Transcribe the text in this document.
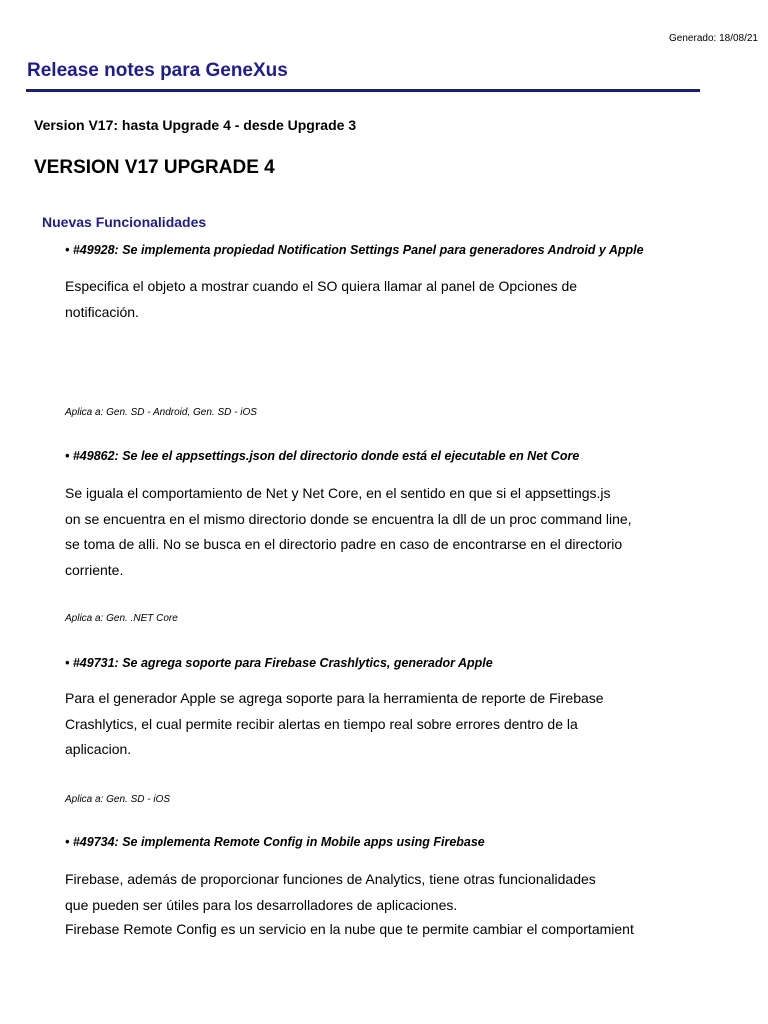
Generado: 18/08/21
Release notes para GeneXus
Version V17: hasta Upgrade 4 - desde Upgrade 3
VERSION V17 UPGRADE 4
Nuevas Funcionalidades
• #49928: Se implementa propiedad Notification Settings Panel para generadores Android y Apple
Especifica el objeto a mostrar cuando el SO quiera llamar al panel de Opciones de
notificación.
Aplica a: Gen. SD - Android, Gen. SD - iOS
• #49862: Se lee el appsettings.json del directorio donde está el ejecutable en Net Core
Se iguala el comportamiento de Net y Net Core, en el sentido en que si el appsettings.js
on se encuentra en el mismo directorio donde se encuentra la dll de un proc command line,
se toma de alli. No se busca en el directorio padre en caso de encontrarse en el directorio
corriente.
Aplica a: Gen. .NET Core
• #49731: Se agrega soporte para Firebase Crashlytics, generador Apple
Para el generador Apple se agrega soporte para la herramienta de reporte de Firebase
Crashlytics, el cual permite recibir alertas en tiempo real sobre errores dentro de la
aplicacion.
Aplica a: Gen. SD - iOS
• #49734: Se implementa Remote Config in Mobile apps using Firebase
Firebase, además de proporcionar funciones de Analytics, tiene otras funcionalidades
que pueden ser útiles para los desarrolladores de aplicaciones.
Firebase Remote Config es un servicio en la nube que te permite cambiar el comportamient
